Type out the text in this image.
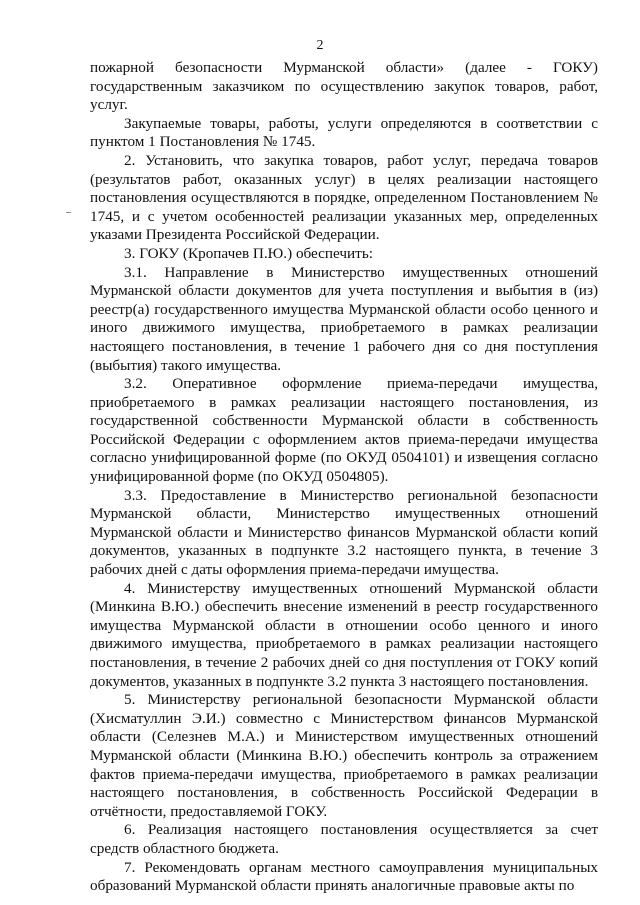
2

пожарной безопасности Мурманской области» (далее - ГОКУ) государственным заказчиком по осуществлению закупок товаров, работ, услуг.

Закупаемые товары, работы, услуги определяются в соответствии с пунктом 1 Постановления № 1745.

2. Установить, что закупка товаров, работ услуг, передача товаров (результатов работ, оказанных услуг) в целях реализации настоящего постановления осуществляются в порядке, определенном Постановлением № 1745, и с учетом особенностей реализации указанных мер, определенных указами Президента Российской Федерации.

3. ГОКУ (Кропачев П.Ю.) обеспечить:

3.1. Направление в Министерство имущественных отношений Мурманской области документов для учета поступления и выбытия в (из) реестр(а) государственного имущества Мурманской области особо ценного и иного движимого имущества, приобретаемого в рамках реализации настоящего постановления, в течение 1 рабочего дня со дня поступления (выбытия) такого имущества.

3.2. Оперативное оформление приема-передачи имущества, приобретаемого в рамках реализации настоящего постановления, из государственной собственности Мурманской области в собственность Российской Федерации с оформлением актов приема-передачи имущества согласно унифицированной форме (по ОКУД 0504101) и извещения согласно унифицированной форме (по ОКУД 0504805).

3.3. Предоставление в Министерство региональной безопасности Мурманской области, Министерство имущественных отношений Мурманской области и Министерство финансов Мурманской области копий документов, указанных в подпункте 3.2 настоящего пункта, в течение 3 рабочих дней с даты оформления приема-передачи имущества.

4. Министерству имущественных отношений Мурманской области (Минкина В.Ю.) обеспечить внесение изменений в реестр государственного имущества Мурманской области в отношении особо ценного и иного движимого имущества, приобретаемого в рамках реализации настоящего постановления, в течение 2 рабочих дней со дня поступления от ГОКУ копий документов, указанных в подпункте 3.2 пункта 3 настоящего постановления.

5. Министерству региональной безопасности Мурманской области (Хисматуллин Э.И.) совместно с Министерством финансов Мурманской области (Селезнев М.А.) и Министерством имущественных отношений Мурманской области (Минкина В.Ю.) обеспечить контроль за отражением фактов приема-передачи имущества, приобретаемого в рамках реализации настоящего постановления, в собственность Российской Федерации в отчётности, предоставляемой ГОКУ.

6. Реализация настоящего постановления осуществляется за счет средств областного бюджета.

7. Рекомендовать органам местного самоуправления муниципальных образований Мурманской области принять аналогичные правовые акты по
